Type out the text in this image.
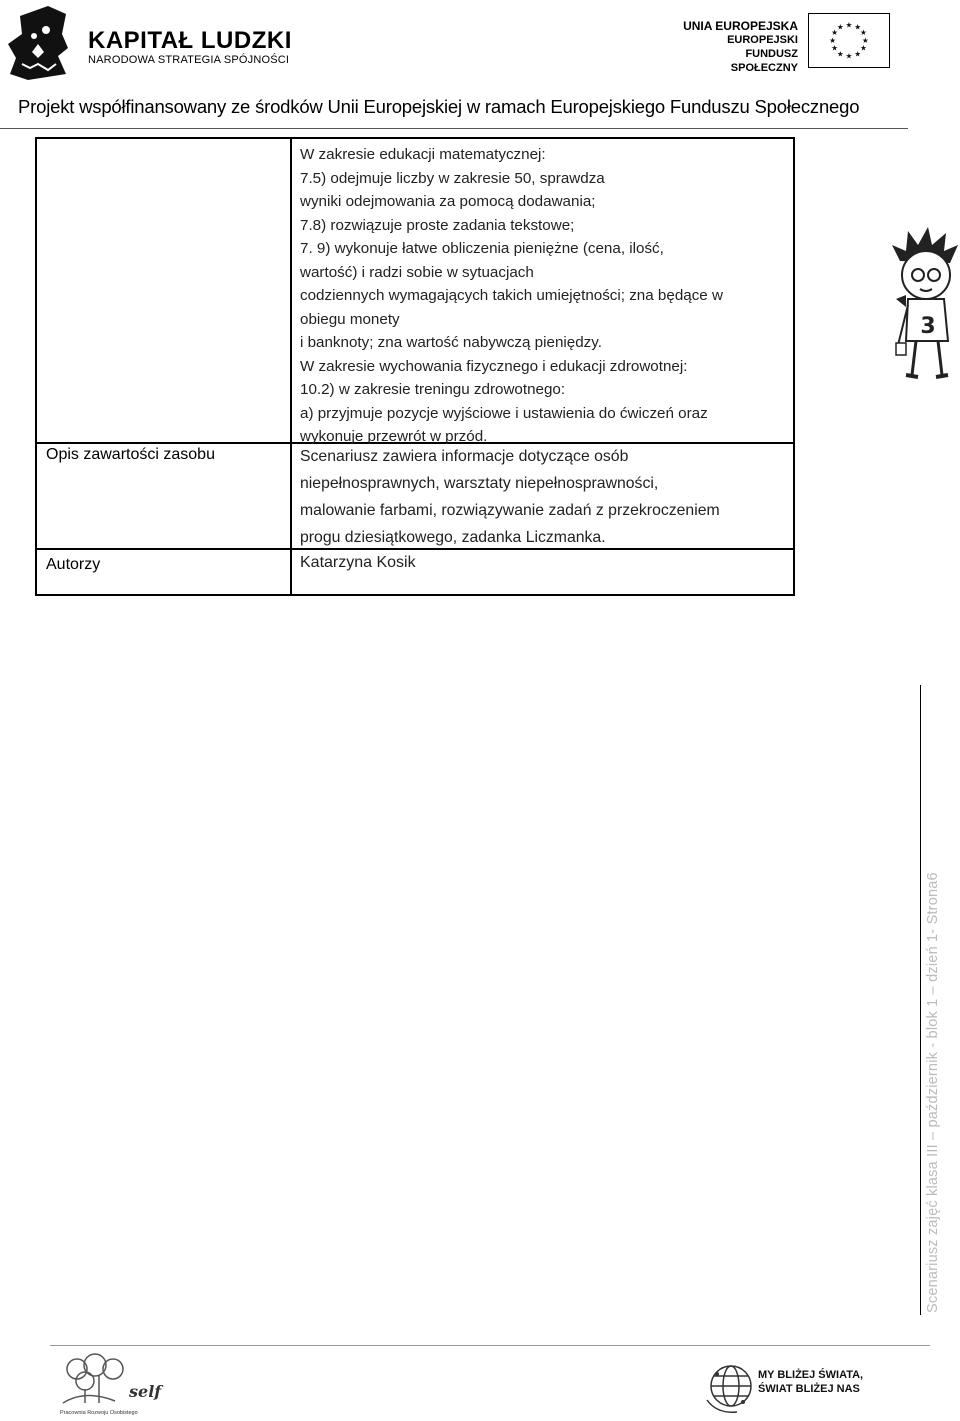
KAPITAŁ LUDZKI
NARODOWA STRATEGIA SPÓJNOŚCI
UNIA EUROPEJSKA
EUROPEJSKI
FUNDUSZ SPOŁECZNY
★ ★
★
★
★
★
★
★
★
★
★
★
Projekt współfinansowany ze środków Unii Europejskiej w ramach Europejskiego Funduszu Społecznego
W zakresie edukacji matematycznej:
7.5) odejmuje liczby w zakresie 50, sprawdza
wyniki odejmowania za pomocą dodawania;
7.8) rozwiązuje proste zadania tekstowe;
7. 9) wykonuje łatwe obliczenia pieniężne (cena, ilość,
wartość) i radzi sobie w sytuacjach
codziennych wymagających takich umiejętności; zna będące w
obiegu monety
i banknoty; zna wartość nabywczą pieniędzy.
W zakresie wychowania fizycznego i edukacji zdrowotnej:
10.2) w zakresie treningu zdrowotnego:
a) przyjmuje pozycje wyjściowe i ustawienia do ćwiczeń oraz
wykonuje przewrót w przód.
Opis zawartości zasobu	Scenariusz zawiera informacje dotyczące osób
niepełnosprawnych, warsztaty niepełnosprawności,
malowanie farbami, rozwiązywanie zadań z przekroczeniem
progu dziesiątkowego, zadanka Liczmanka.
Autorzy	Katarzyna Kosik
3
Scenariusz zajęć klasa III – październik - blok 1 – dzień 1- Strona6
self
Pracownia Rozwoju Osobistego
MY BLIŻEJ ŚWIATA,
ŚWIAT BLIŻEJ NAS
